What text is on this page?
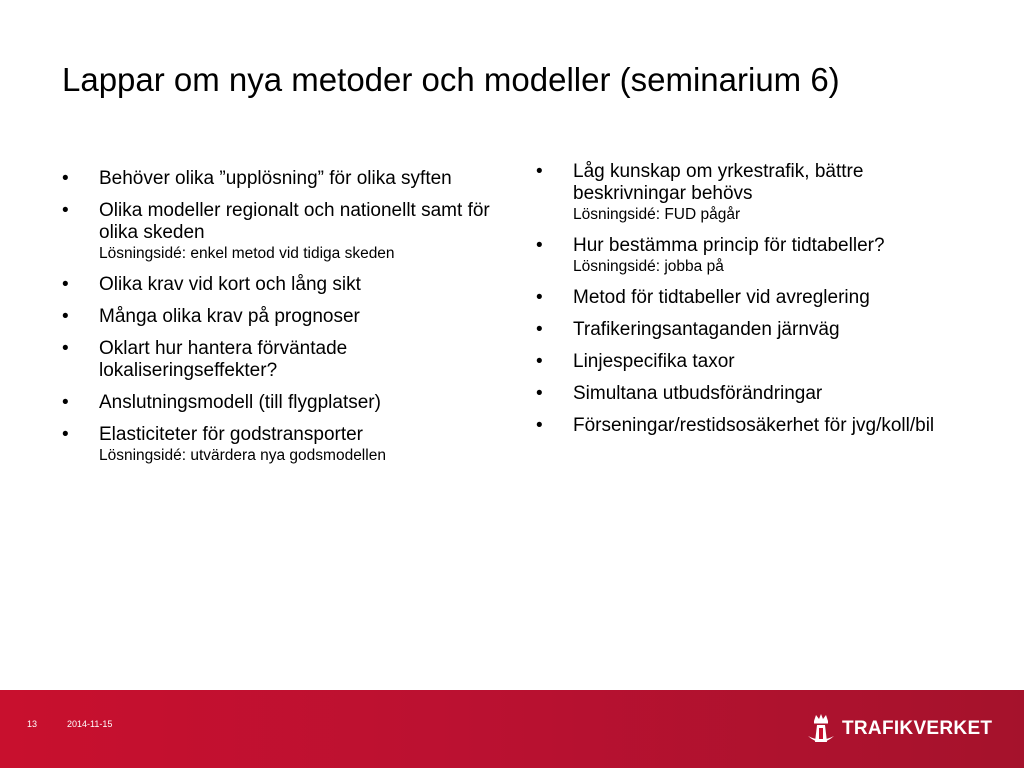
Lappar om nya metoder och modeller (seminarium 6)
•	Behöver olika ”upplösning” för olika syften
•	Olika modeller regionalt och nationellt samt för olika skeden
Lösningsidé: enkel metod vid tidiga skeden
•	Olika krav vid kort och lång sikt
•	Många olika krav på prognoser
•	Oklart hur hantera förväntade lokaliseringseffekter?
•	Anslutningsmodell (till flygplatser)
•	Elasticiteter för godstransporter
Lösningsidé: utvärdera nya godsmodellen
•	Låg kunskap om yrkestrafik, bättre beskrivningar behövs
Lösningsidé: FUD pågår
•	Hur bestämma princip för tidtabeller?
Lösningsidé: jobba på
•	Metod för tidtabeller vid avreglering
•	Trafikeringsantaganden järnväg
•	Linjespecifika taxor
•	Simultana utbudsförändringar
•	Förseningar/restidsosäkerhet för jvg/koll/bil
13	2014-11-15	TRAFIKVERKET
